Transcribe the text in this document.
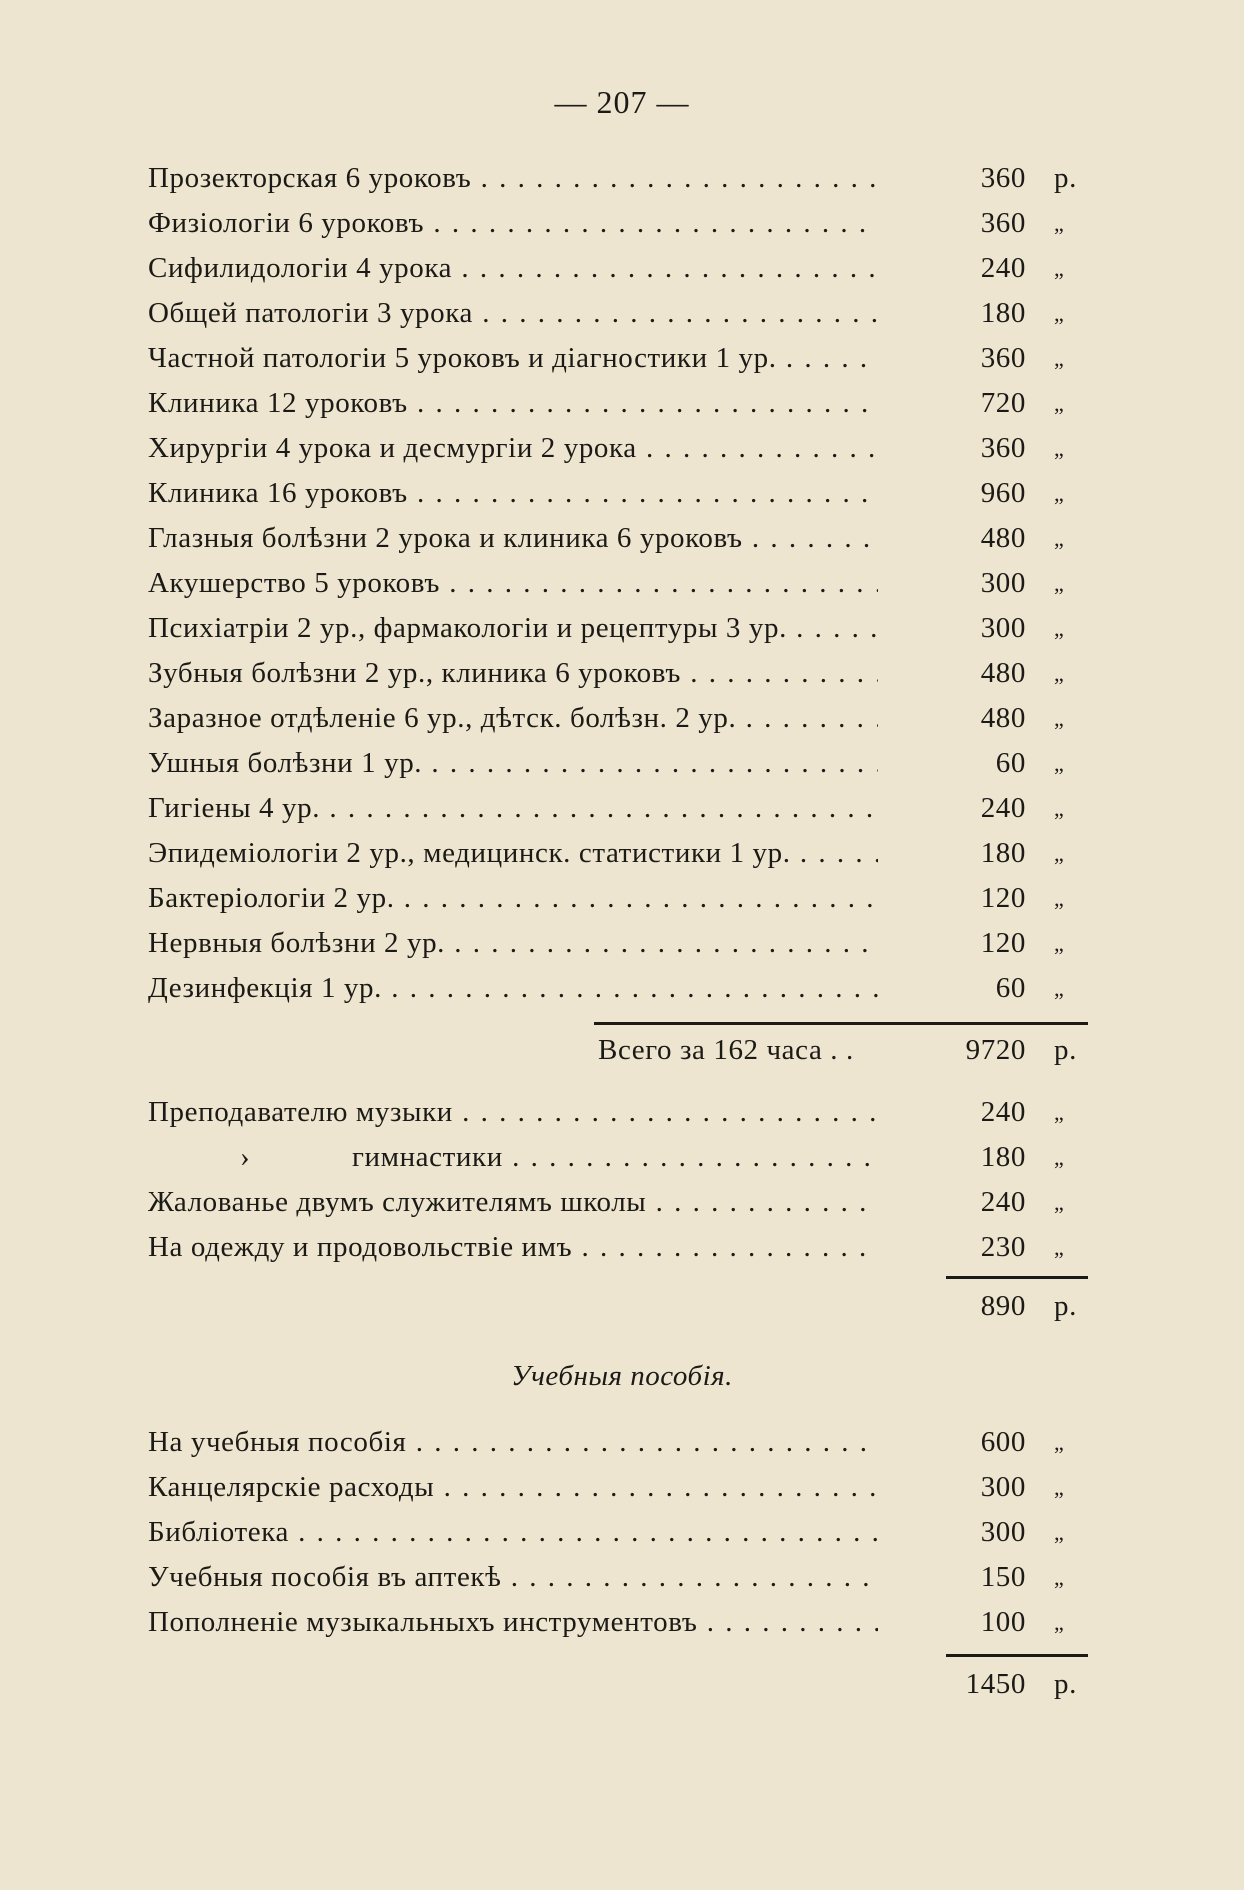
— 207 —
Прозекторская 6 уроковъ . . .	360 р.
Физіологіи 6 уроковъ . . .	360 „
Сифилидологіи 4 урока . . .	240 „
Общей патологіи 3 урока . . .	180 „
Частной патологіи 5 уроковъ и діагностики 1 ур. . . .	360 „
Клиника 12 уроковъ . . .	720 „
Хирургіи 4 урока и десмургіи 2 урока . . .	360 „
Клиника 16 уроковъ . . .	960 „
Глазныя болѣзни 2 урока и клиника 6 уроковъ . . .	480 „
Акушерство 5 уроковъ . . .	300 „
Психіатріи 2 ур., фармакологіи и рецептуры 3 ур. . . .	300 „
Зубныя болѣзни 2 ур., клиника 6 уроковъ . . .	480 „
Заразное отдѣленіе 6 ур., дѣтск. болѣзн. 2 ур. . . .	480 „
Ушныя болѣзни 1 ур. . . .	60 „
Гигіены 4 ур. . . .	240 „
Эпидеміологіи 2 ур., медицинск. статистики 1 ур. . . .	180 „
Бактеріологіи 2 ур. . . .	120 „
Нервныя болѣзни 2 ур. . . .	120 „
Дезинфекція 1 ур. . . .	60 „
Всего за 162 часа . .	9720 р.
Преподавателю музыки . . .	240 „
›	гимнастики . . .	180 „
Жалованье двумъ служителямъ школы . . .	240 „
На одежду и продовольствіе имъ . . .	230 „
890 р.
Учебныя пособія.
На учебныя пособія . . .	600 „
Канцелярскіе расходы . . .	300 „
Библіотека . . .	300 „
Учебныя пособія въ аптекѣ . . .	150 „
Пополненіе музыкальныхъ инструментовъ . . .	100 „
1450 р.
